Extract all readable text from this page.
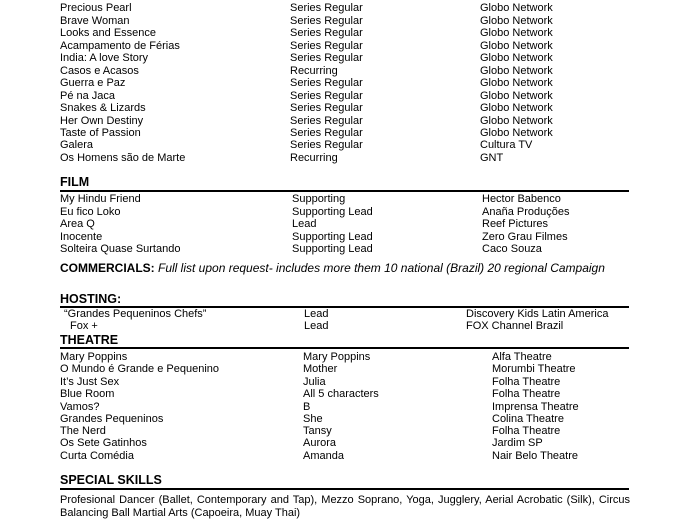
Precious Pearl	Series Regular	Globo Network
Brave Woman	Series Regular	Globo Network
Looks and Essence	Series Regular	Globo Network
Acampamento de Férias	Series Regular	Globo Network
India: A love Story	Series Regular	Globo Network
Casos e Acasos	Recurring	Globo Network
Guerra e Paz	Series Regular	Globo Network
Pé na Jaca	Series Regular	Globo Network
Snakes & Lizards	Series Regular	Globo Network
Her Own Destiny	Series Regular	Globo Network
Taste of Passion	Series Regular	Globo Network
Galera	Series Regular	Cultura TV
Os Homens são de Marte	Recurring	GNT
FILM
My Hindu Friend	Supporting	Hector Babenco
Eu fico Loko	Supporting Lead	Anaña Produções
Area Q	Lead	Reef Pictures
Inocente	Supporting Lead	Zero Grau Filmes
Solteira Quase Surtando	Supporting Lead	Caco Souza
COMMERCIALS: Full list upon request- includes more them 10 national (Brazil) 20 regional Campaign
HOSTING:
“Grandes Pequeninos Chefs”	Lead	Discovery Kids Latin America
Fox +	Lead	FOX Channel Brazil
THEATRE
Mary Poppins	Mary Poppins	Alfa Theatre
O Mundo é Grande e Pequenino	Mother	Morumbi Theatre
It’s Just Sex	Julia	Folha Theatre
Blue Room	All 5 characters	Folha Theatre
Vamos?	B	Imprensa Theatre
Grandes Pequeninos	She	Colina Theatre
The Nerd	Tansy	Folha Theatre
Os Sete Gatinhos	Aurora	Jardim SP
Curta Comédia	Amanda	Nair Belo Theatre
SPECIAL SKILLS
Profesional Dancer (Ballet, Contemporary and Tap), Mezzo Soprano, Yoga, Jugglery, Aerial Acrobatic (Silk), Circus Balancing Ball Martial Arts (Capoeira, Muay Thai)
